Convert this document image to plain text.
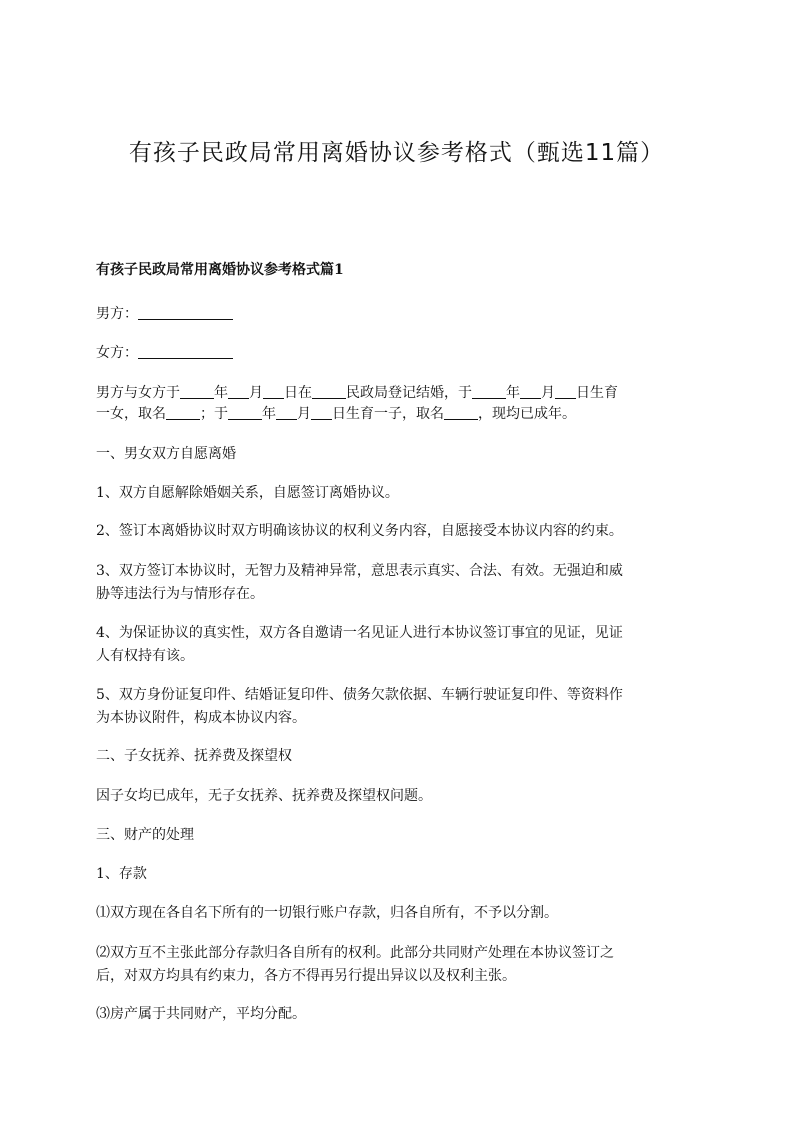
有孩子民政局常用离婚协议参考格式（甄选11篇）
有孩子民政局常用离婚协议参考格式篇1
男方：
女方：
男方与女方于 年 月 日在 民政局登记结婚，于 年 月 日生育
一女，取名 ；于 年 月 日生育一子，取名 ，现均已成年。
一、男女双方自愿离婚
1、双方自愿解除婚姻关系，自愿签订离婚协议。
2、签订本离婚协议时双方明确该协议的权利义务内容，自愿接受本协议内容的约束。
3、双方签订本协议时，无智力及精神异常，意思表示真实、合法、有效。无强迫和威
胁等违法行为与情形存在。
4、为保证协议的真实性，双方各自邀请一名见证人进行本协议签订事宜的见证，见证
人有权持有该。
5、双方身份证复印件、结婚证复印件、债务欠款依据、车辆行驶证复印件、等资料作
为本协议附件，构成本协议内容。
二、子女抚养、抚养费及探望权
因子女均已成年，无子女抚养、抚养费及探望权问题。
三、财产的处理
1、存款
⑴双方现在各自名下所有的一切银行账户存款，归各自所有，不予以分割。
⑵双方互不主张此部分存款归各自所有的权利。此部分共同财产处理在本协议签订之
后，对双方均具有约束力，各方不得再另行提出异议以及权利主张。
⑶房产属于共同财产，平均分配。
